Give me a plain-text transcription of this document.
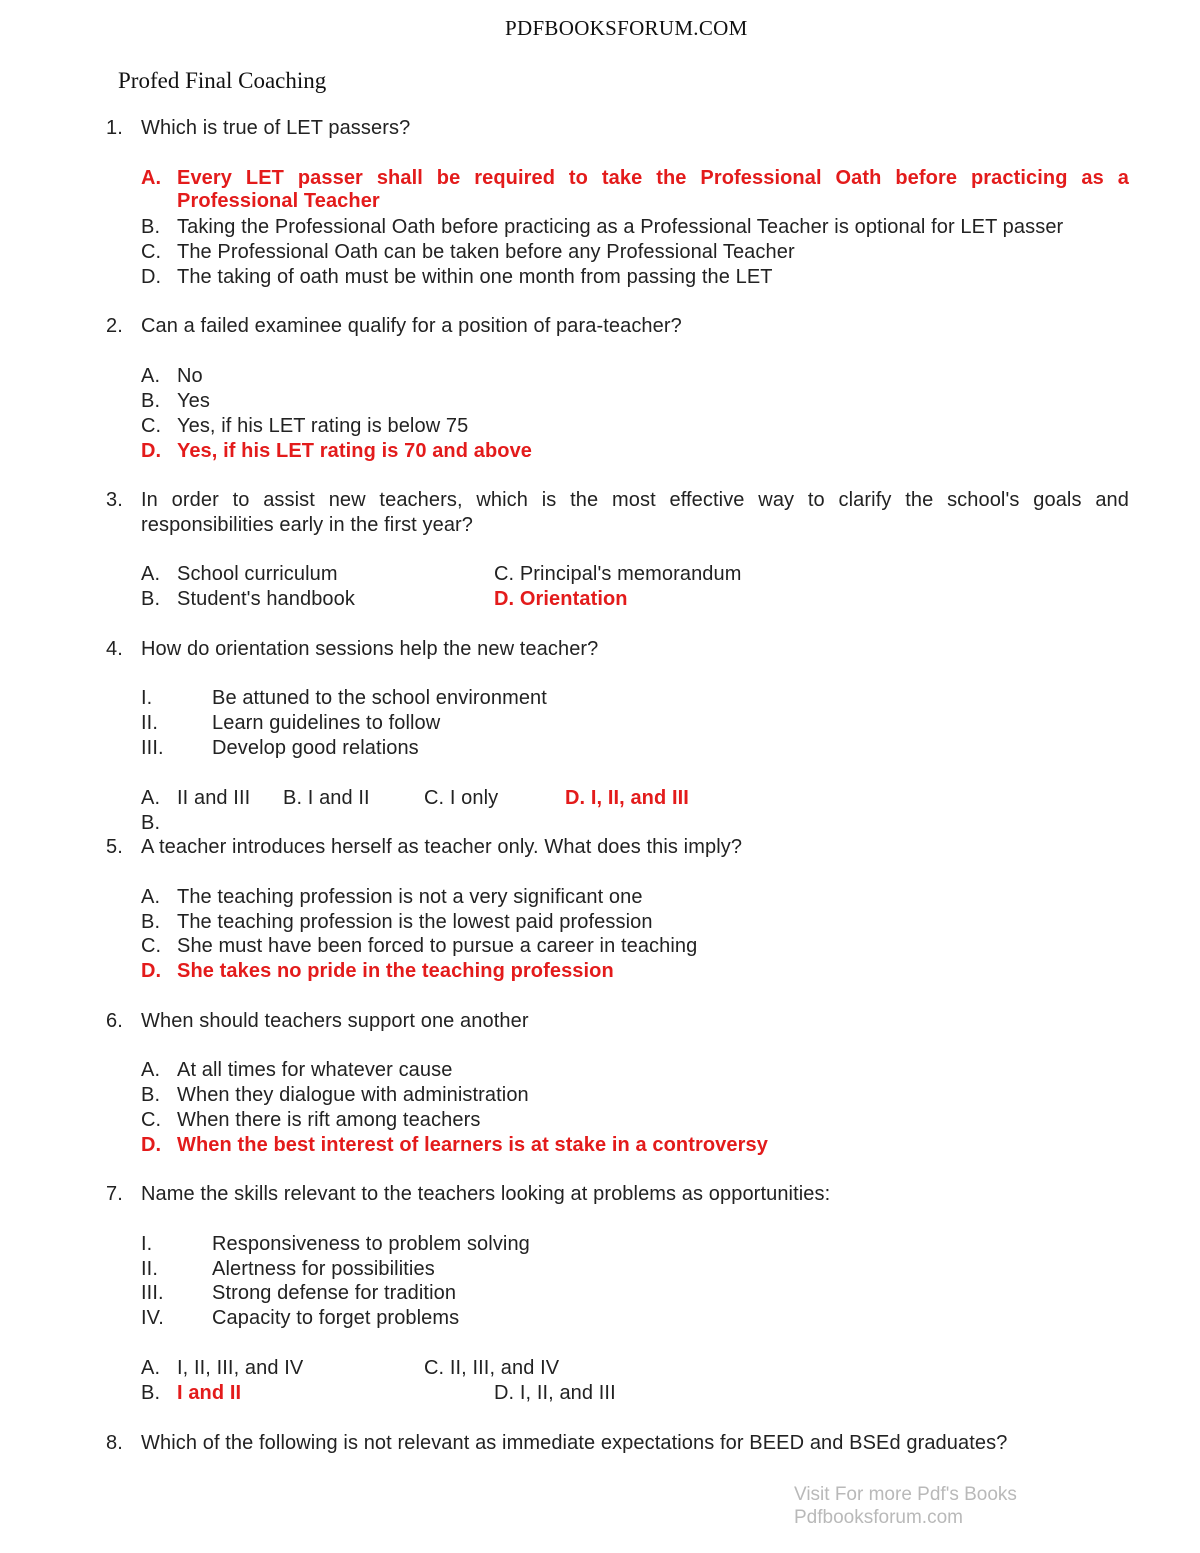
PDFBOOKSFORUM.COM
Profed Final Coaching
1. Which is true of LET passers?
A. Every LET passer shall be required to take the Professional Oath before practicing as a
Professional Teacher
B. Taking the Professional Oath before practicing as a Professional Teacher is optional for LET passer
C. The Professional Oath can be taken before any Professional Teacher
D. The taking of oath must be within one month from passing the LET
2. Can a failed examinee qualify for a position of para-teacher?
A. No
B. Yes
C. Yes, if his LET rating is below 75
D. Yes, if his LET rating is 70 and above
3. In order to assist new teachers, which is the most effective way to clarify the school's goals and
responsibilities early in the first year?
A. School curriculum
B. Student's handbook
C. Principal's memorandum
D. Orientation
4. How do orientation sessions help the new teacher?
I.	Be attuned to the school environment
II.	Learn guidelines to follow
III. Develop good relations
A. II and III B. I and II	C. I only	D. I, II, and III
B.
5. A teacher introduces herself as teacher only. What does this imply?
A. The teaching profession is not a very significant one
B. The teaching profession is the lowest paid profession
C. She must have been forced to pursue a career in teaching
D. She takes no pride in the teaching profession
6. When should teachers support one another
A. At all times for whatever cause
B. When they dialogue with administration
C. When there is rift among teachers
D. When the best interest of learners is at stake in a controversy
7. Name the skills relevant to the teachers looking at problems as opportunities:
I.	Responsiveness to problem solving
II.	Alertness for possibilities
III. Strong defense for tradition
IV. Capacity to forget problems
A. I, II, III, and IV
B. I and II
C. II, III, and IV
D. I, II, and III
8. Which of the following is not relevant as immediate expectations for BEED and BSEd graduates?
Visit For more Pdf's Books
Pdfbooksforum.com
